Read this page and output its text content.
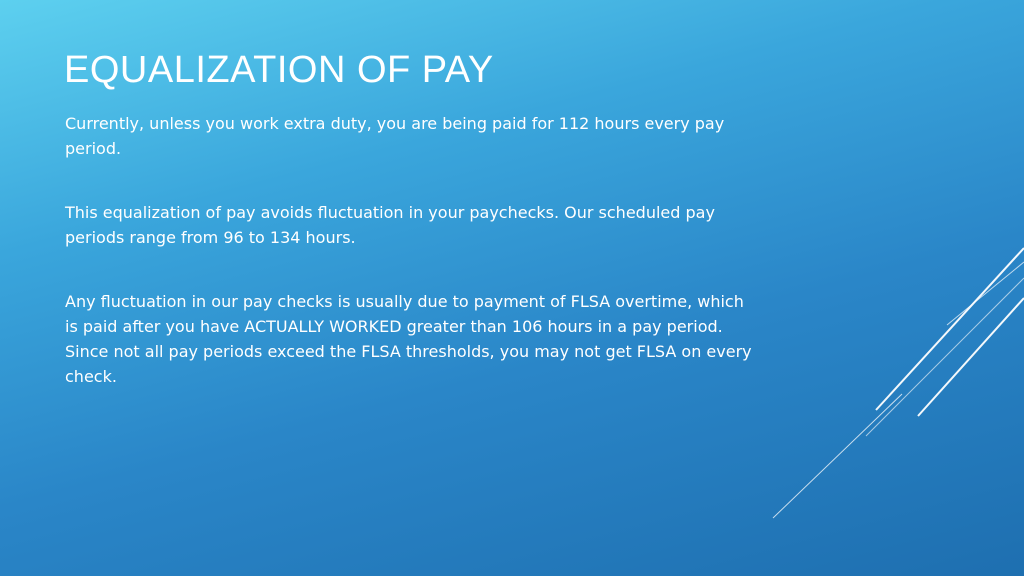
EQUALIZATION OF PAY

Currently, unless you work extra duty, you are being paid for 112 hours every pay period.

This equalization of pay avoids fluctuation in your paychecks. Our scheduled pay periods range from 96 to 134 hours.

Any fluctuation in our pay checks is usually due to payment of FLSA overtime, which is paid after you have ACTUALLY WORKED greater than 106 hours in a pay period. Since not all pay periods exceed the FLSA thresholds, you may not get FLSA on every check.
